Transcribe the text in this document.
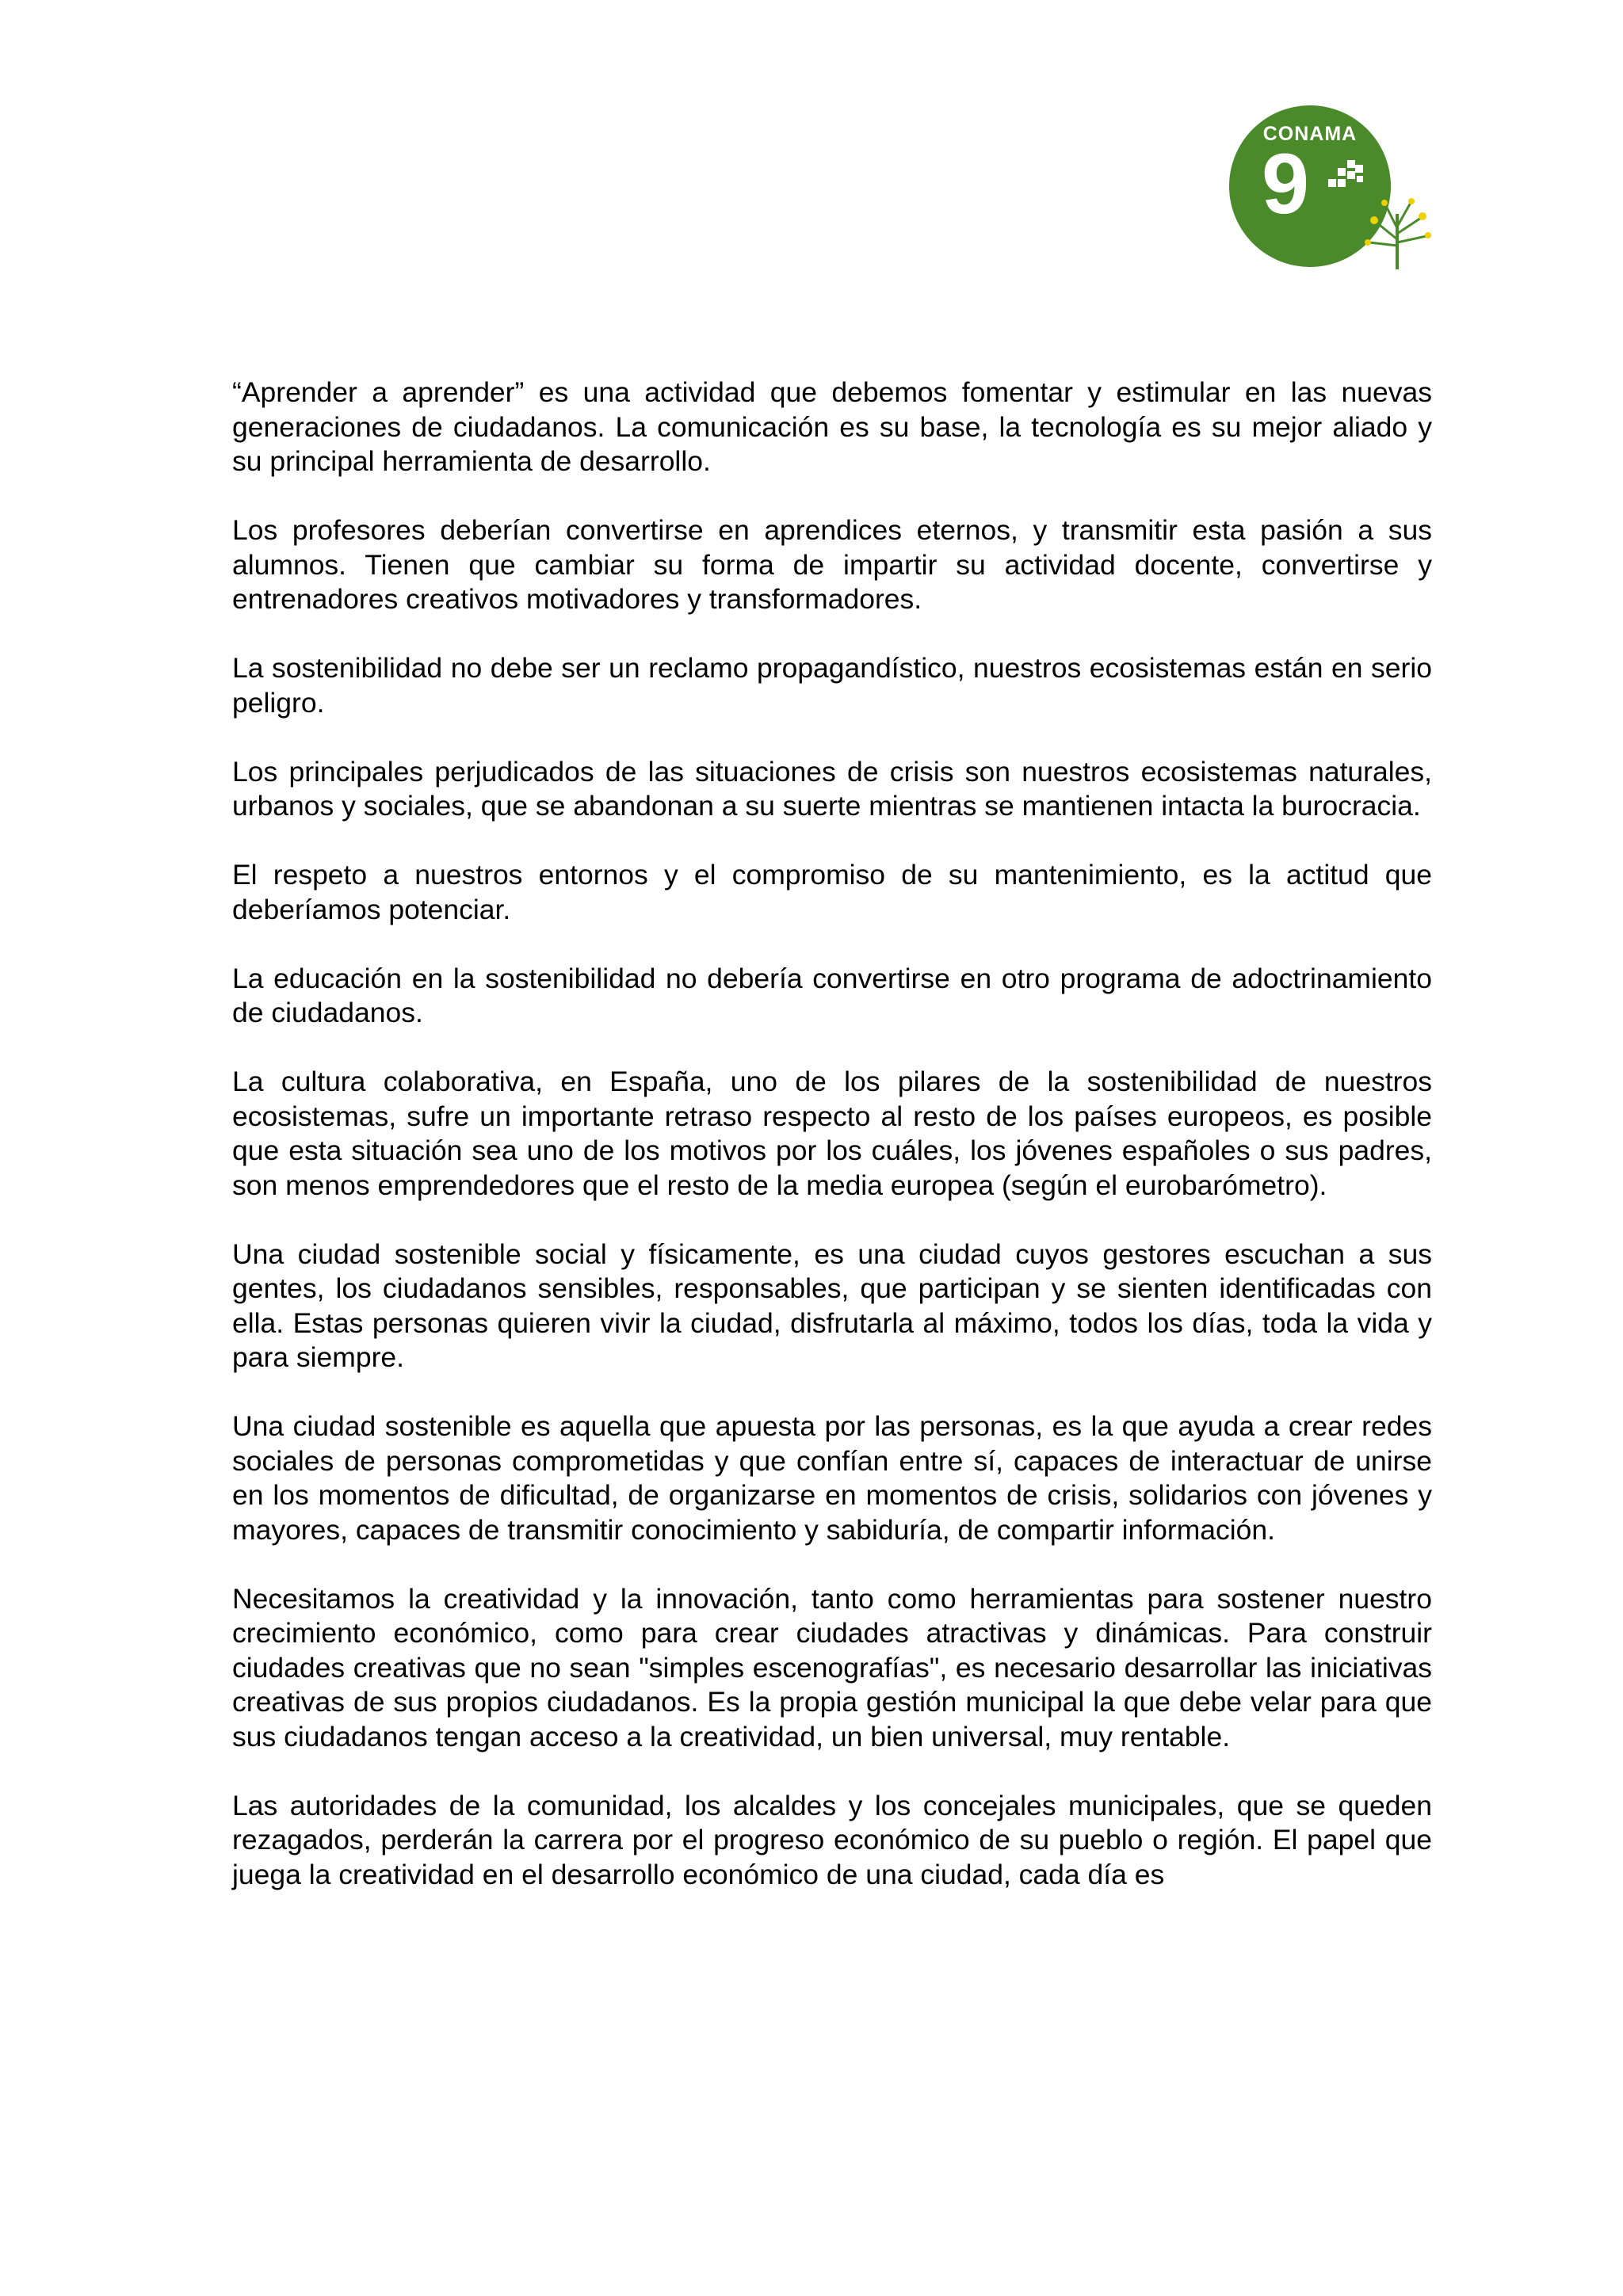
CONAMA
9

“Aprender a aprender” es una actividad que debemos fomentar y estimular en las nuevas generaciones de ciudadanos. La comunicación es su base, la tecnología es su mejor aliado y su principal herramienta de desarrollo.

Los profesores deberían convertirse en aprendices eternos, y transmitir esta pasión a sus alumnos. Tienen que cambiar su forma de impartir su actividad docente, convertirse y entrenadores creativos motivadores y transformadores.

La sostenibilidad no debe ser un reclamo propagandístico, nuestros ecosistemas están en serio peligro.

Los principales perjudicados de las situaciones de crisis son nuestros ecosistemas naturales, urbanos y sociales, que se abandonan a su suerte mientras se mantienen intacta la burocracia.

El respeto a nuestros entornos y el compromiso de su mantenimiento, es la actitud que deberíamos potenciar.

La educación en la sostenibilidad no debería convertirse en otro programa de adoctrinamiento de ciudadanos.

La cultura colaborativa, en España, uno de los pilares de la sostenibilidad de nuestros ecosistemas, sufre un importante retraso respecto al resto de los países europeos, es posible que esta situación sea uno de los motivos por los cuáles, los jóvenes españoles o sus padres, son menos emprendedores que el resto de la media europea (según el eurobarómetro).

Una ciudad sostenible social y físicamente, es una ciudad cuyos gestores escuchan a sus gentes, los ciudadanos sensibles, responsables, que participan y se sienten identificadas con ella. Estas personas quieren vivir la ciudad, disfrutarla al máximo, todos los días, toda la vida y para siempre.

Una ciudad sostenible es aquella que apuesta por las personas, es la que ayuda a crear redes sociales de personas comprometidas y que confían entre sí, capaces de interactuar de unirse en los momentos de dificultad, de organizarse en momentos de crisis, solidarios con jóvenes y mayores, capaces de transmitir conocimiento y sabiduría, de compartir información.

Necesitamos la creatividad y la innovación, tanto como herramientas para sostener nuestro crecimiento económico, como para crear ciudades atractivas y dinámicas. Para construir ciudades creativas que no sean "simples escenografías", es necesario desarrollar las iniciativas creativas de sus propios ciudadanos. Es la propia gestión municipal la que debe velar para que sus ciudadanos tengan acceso a la creatividad, un bien universal, muy rentable.

Las autoridades de la comunidad, los alcaldes y los concejales municipales, que se queden rezagados, perderán la carrera por el progreso económico de su pueblo o región. El papel que juega la creatividad en el desarrollo económico de una ciudad, cada día es
